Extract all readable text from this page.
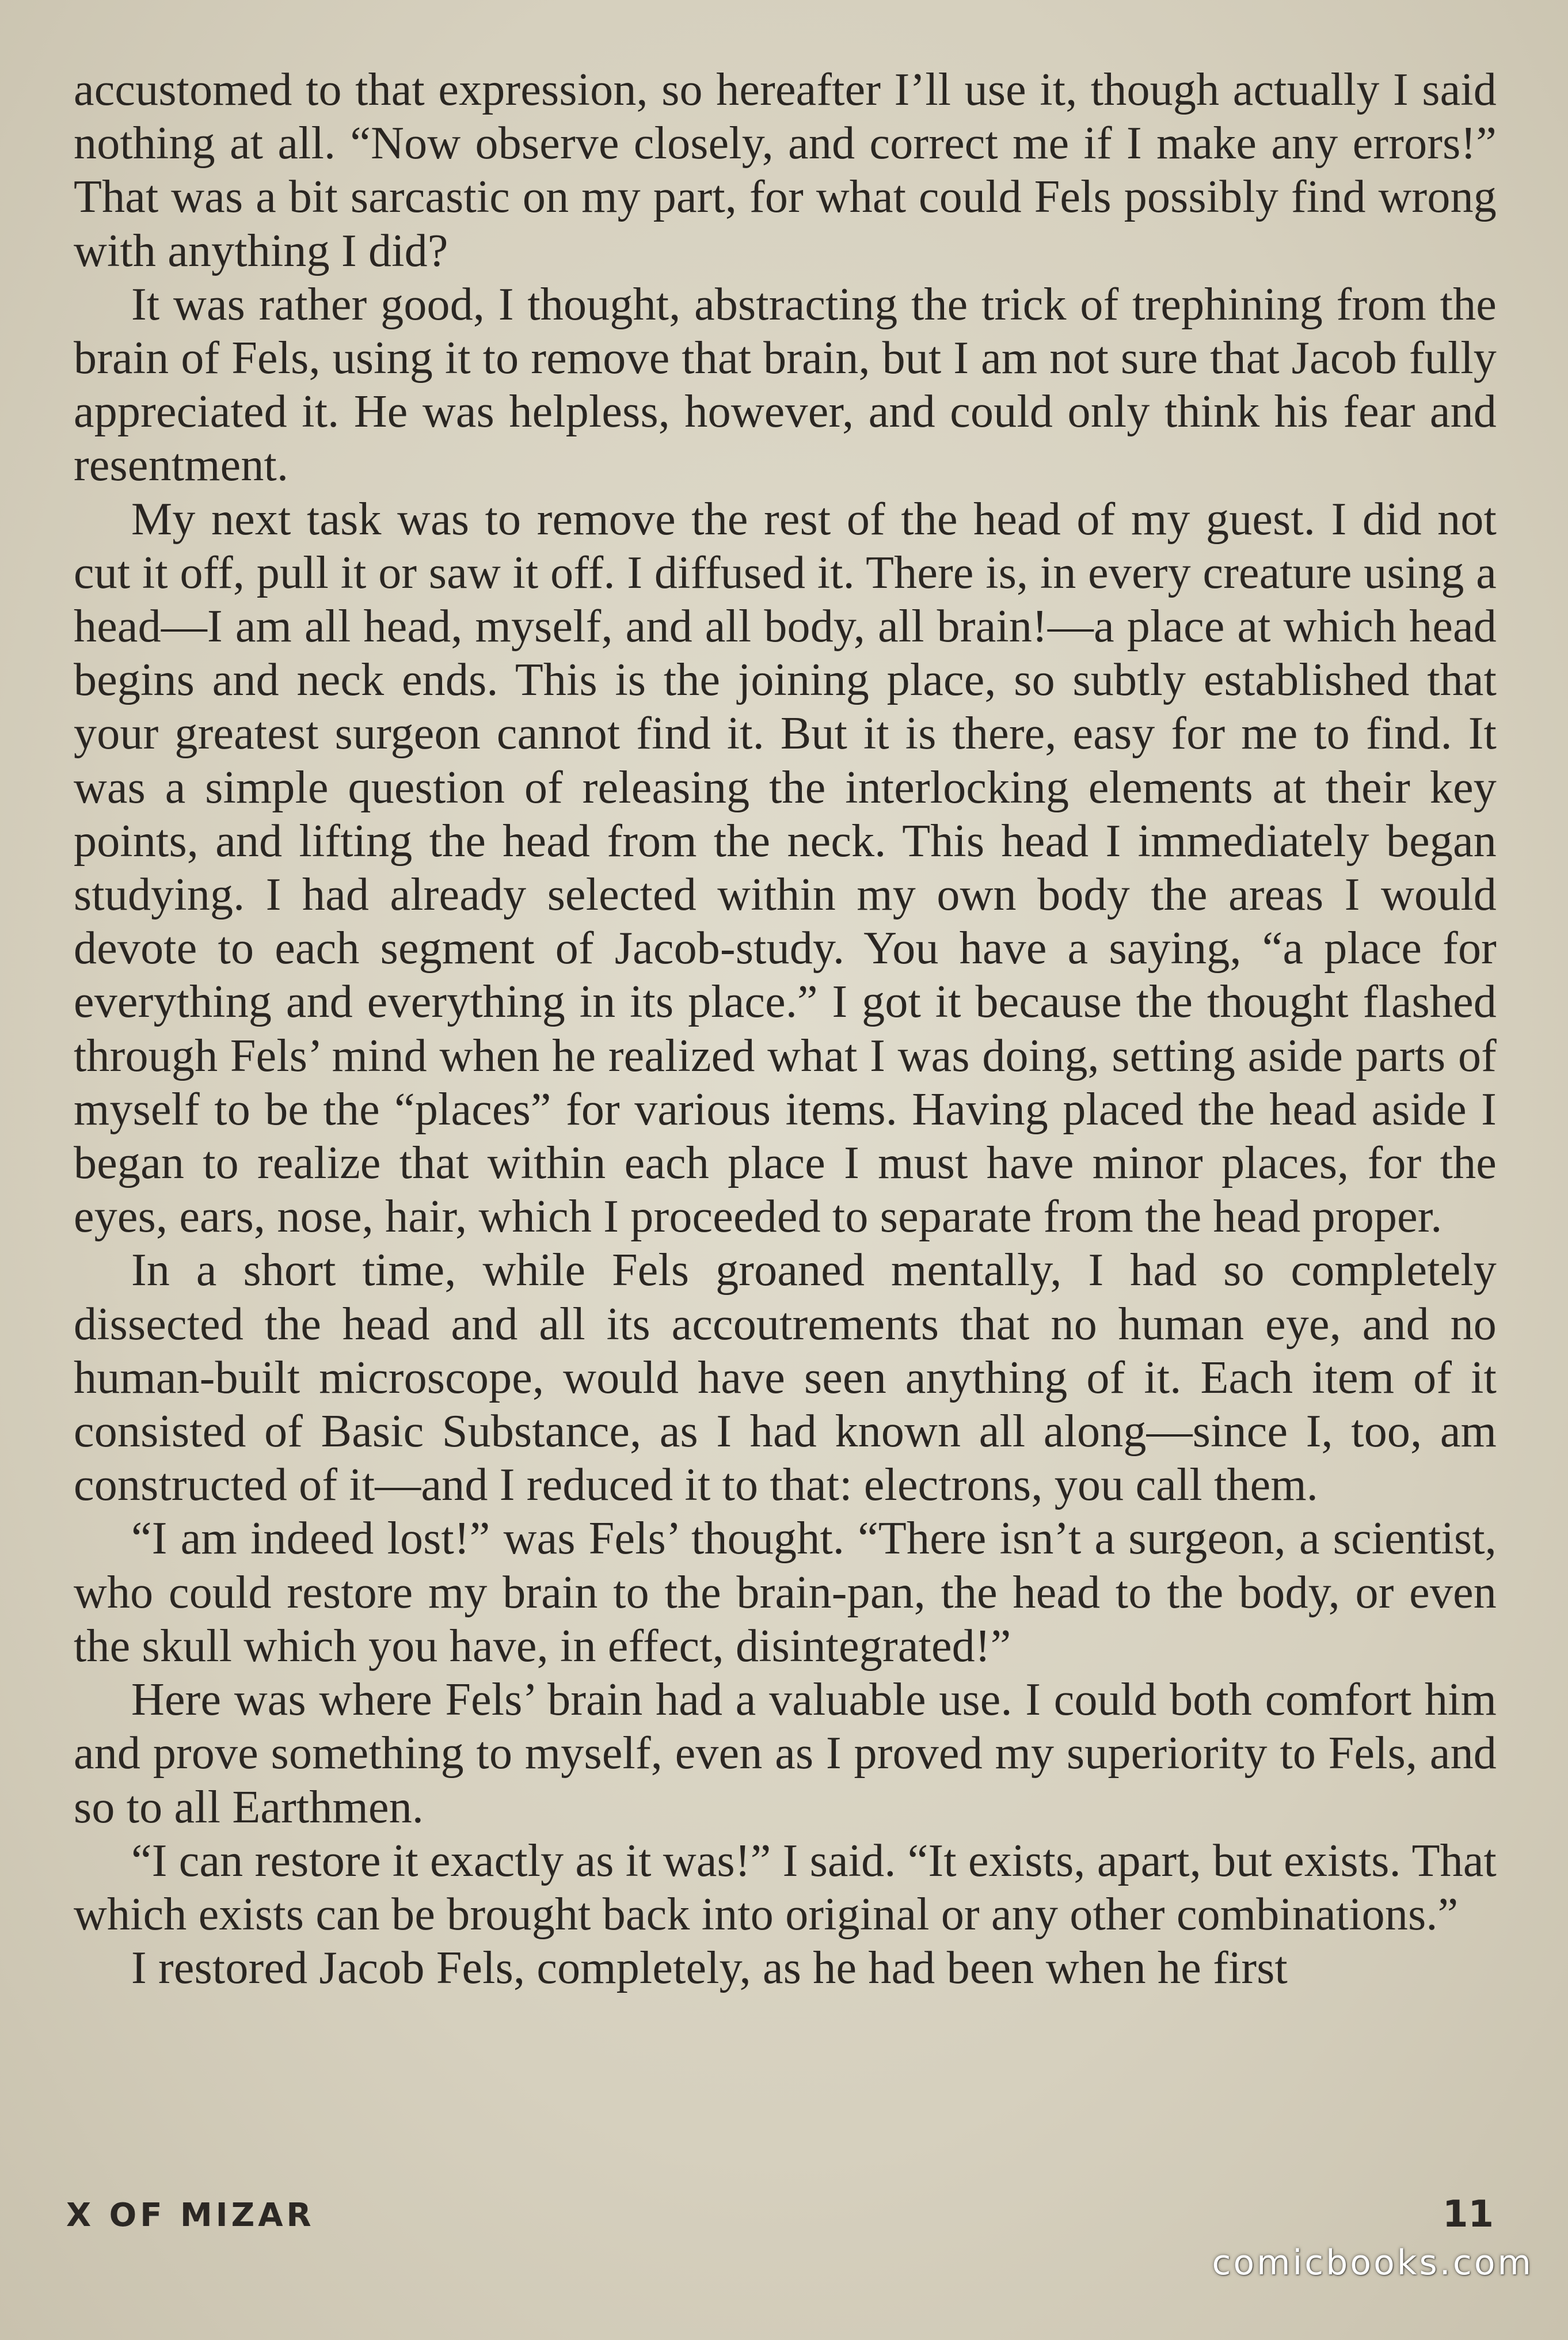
accustomed to that expression, so hereafter I’ll use it, though actually I said nothing at all. “Now observe closely, and correct me if I make any errors!” That was a bit sarcastic on my part, for what could Fels possibly find wrong with anything I did?

It was rather good, I thought, abstracting the trick of trephining from the brain of Fels, using it to remove that brain, but I am not sure that Jacob fully appreciated it. He was helpless, however, and could only think his fear and resentment.

My next task was to remove the rest of the head of my guest. I did not cut it off, pull it or saw it off. I diffused it. There is, in every creature using a head—I am all head, myself, and all body, all brain!—a place at which head begins and neck ends. This is the joining place, so subtly established that your greatest surgeon cannot find it. But it is there, easy for me to find. It was a simple question of releasing the interlocking elements at their key points, and lifting the head from the neck. This head I immediately began studying. I had already selected within my own body the areas I would devote to each segment of Jacob-study. You have a saying, “a place for everything and everything in its place.” I got it because the thought flashed through Fels’ mind when he realized what I was doing, setting aside parts of myself to be the “places” for various items. Having placed the head aside I began to realize that within each place I must have minor places, for the eyes, ears, nose, hair, which I proceeded to separate from the head proper.

In a short time, while Fels groaned mentally, I had so completely dissected the head and all its accoutrements that no human eye, and no human-built microscope, would have seen anything of it. Each item of it consisted of Basic Substance, as I had known all along—since I, too, am constructed of it—and I reduced it to that: electrons, you call them.

“I am indeed lost!” was Fels’ thought. “There isn’t a surgeon, a scientist, who could restore my brain to the brain-pan, the head to the body, or even the skull which you have, in effect, disintegrated!”

Here was where Fels’ brain had a valuable use. I could both comfort him and prove something to myself, even as I proved my superiority to Fels, and so to all Earthmen.

“I can restore it exactly as it was!” I said. “It exists, apart, but exists. That which exists can be brought back into original or any other combinations.”

I restored Jacob Fels, completely, as he had been when he first

X OF MIZAR	11
comicbooks.com
